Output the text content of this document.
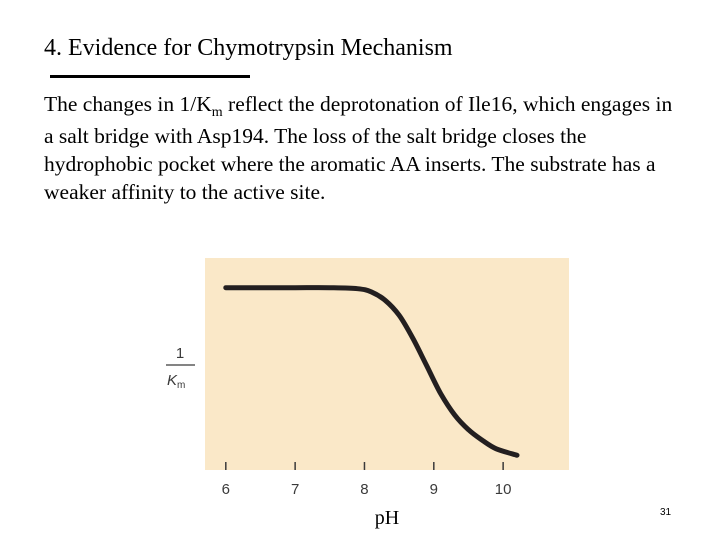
4. Evidence for Chymotrypsin Mechanism
The changes in $1/K_m$ reflect the deprotonation of Ile16, which engages in a salt bridge with Asp194. The loss of the salt bridge closes the hydrophobic pocket where the aromatic AA inserts. The substrate has a weaker affinity to the active site.
6	7	8	9	10
pH
1
$K_m$
31
